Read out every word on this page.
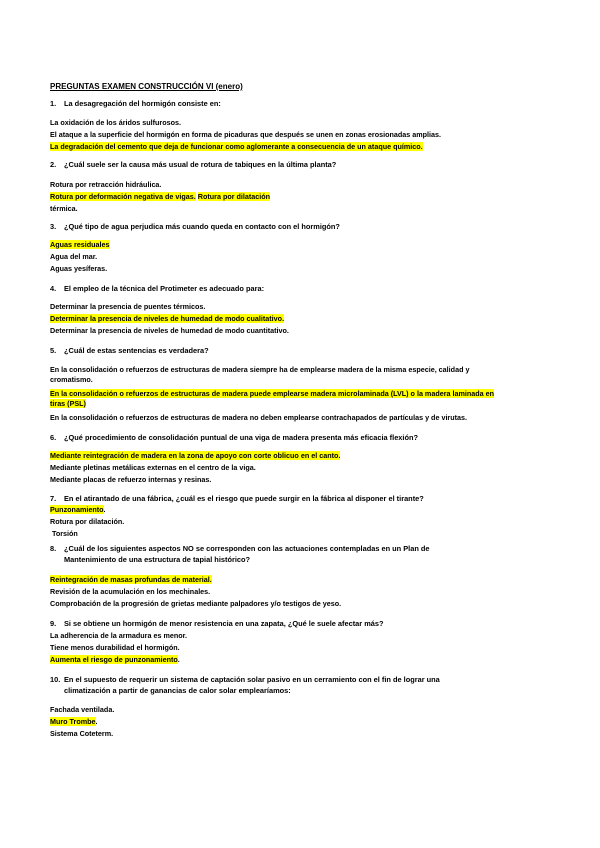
PREGUNTAS EXAMEN CONSTRUCCIÓN VI (enero)
1. La desagregación del hormigón consiste en:
La oxidación de los áridos sulfurosos.
El ataque a la superficie del hormigón en forma de picaduras que después se unen en zonas erosionadas amplias.
La degradación del cemento que deja de funcionar como aglomerante a consecuencia de un ataque químico.
2. ¿Cuál suele ser la causa más usual de rotura de tabiques en la última planta?
Rotura por retracción hidráulica.
Rotura por deformación negativa de vigas. Rotura por dilatación
térmica.
3. ¿Qué tipo de agua perjudica más cuando queda en contacto con el hormigón?
Aguas residuales
Agua del mar.
Aguas yesíferas.
4. El empleo de la técnica del Protimeter es adecuado para:
Determinar la presencia de puentes térmicos.
Determinar la presencia de niveles de humedad de modo cualitativo.
Determinar la presencia de niveles de humedad de modo cuantitativo.
5. ¿Cuál de estas sentencias es verdadera?
En la consolidación o refuerzos de estructuras de madera siempre ha de emplearse madera de la misma especie, calidad y cromatismo.
En la consolidación o refuerzos de estructuras de madera puede emplearse madera microlaminada (LVL) o la madera laminada en tiras (PSL)
En la consolidación o refuerzos de estructuras de madera no deben emplearse contrachapados de partículas y de virutas.
6. ¿Qué procedimiento de consolidación puntual de una viga de madera presenta más eficacia flexión?
Mediante reintegración de madera en la zona de apoyo con corte oblicuo en el canto.
Mediante pletinas metálicas externas en el centro de la viga.
Mediante placas de refuerzo internas y resinas.
7. En el atirantado de una fábrica, ¿cuál es el riesgo que puede surgir en la fábrica al disponer el tirante?
Punzonamiento.
Rotura por dilatación.
Torsión
8. ¿Cuál de los siguientes aspectos NO se corresponden con las actuaciones contempladas en un Plan de
Mantenimiento de una estructura de tapial histórico?
Reintegración de masas profundas de material.
Revisión de la acumulación en los mechinales.
Comprobación de la progresión de grietas mediante palpadores y/o testigos de yeso.
9. Si se obtiene un hormigón de menor resistencia en una zapata, ¿Qué le suele afectar más?
La adherencia de la armadura es menor.
Tiene menos durabilidad el hormigón.
Aumenta el riesgo de punzonamiento.
10. En el supuesto de requerir un sistema de captación solar pasivo en un cerramiento con el fin de lograr una
climatización a partir de ganancias de calor solar emplearíamos:
Fachada ventilada.
Muro Trombe.
Sistema Coteterm.
